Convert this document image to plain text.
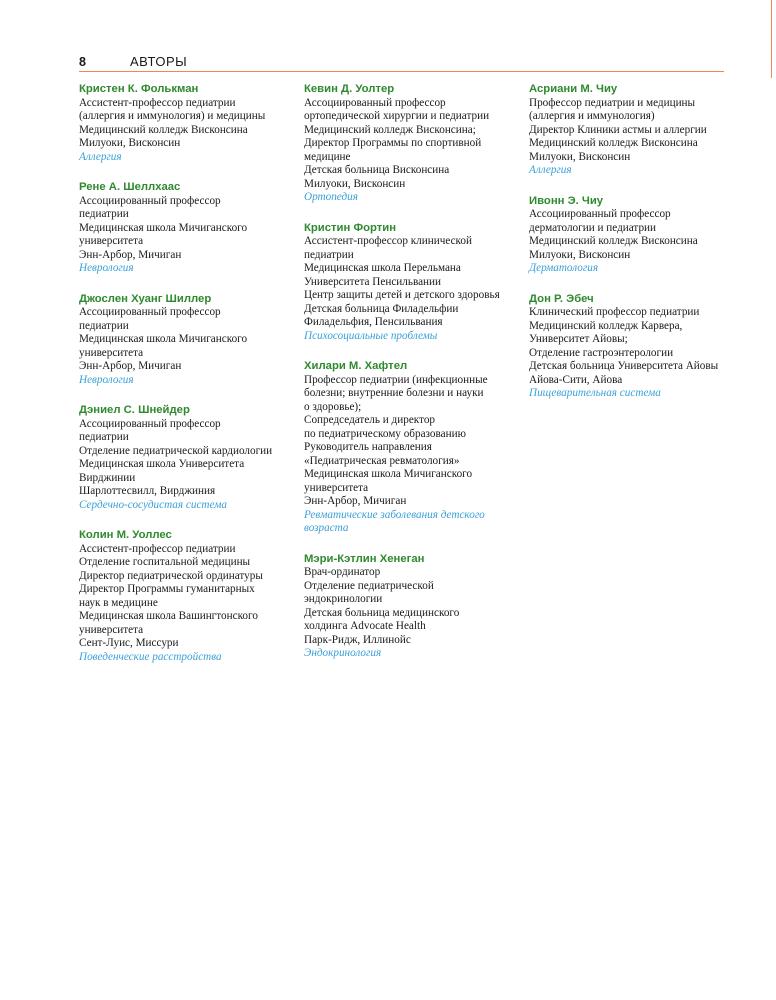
8	АВТОРЫ
Кристен К. Фолькман
Ассистент-профессор педиатрии
(аллергия и иммунология) и медицины
Медицинский колледж Висконсина
Милуоки, Висконсин
Аллергия
Рене А. Шеллхаас
Ассоциированный профессор
педиатрии
Медицинская школа Мичиганского
университета
Энн-Арбор, Мичиган
Неврология
Джослен Хуанг Шиллер
Ассоциированный профессор
педиатрии
Медицинская школа Мичиганского
университета
Энн-Арбор, Мичиган
Неврология
Дэниел С. Шнейдер
Ассоциированный профессор
педиатрии
Отделение педиатрической кардиологии
Медицинская школа Университета
Вирджинии
Шарлоттесвилл, Вирджиния
Сердечно-сосудистая система
Колин М. Уоллес
Ассистент-профессор педиатрии
Отделение госпитальной медицины
Директор педиатрической ординатуры
Директор Программы гуманитарных
наук в медицине
Медицинская школа Вашингтонского
университета
Сент-Луис, Миссури
Поведенческие расстройства
Кевин Д. Уолтер
Ассоциированный профессор
ортопедической хирургии и педиатрии
Медицинский колледж Висконсина;
Директор Программы по спортивной
медицине
Детская больница Висконсина
Милуоки, Висконсин
Ортопедия
Кристин Фортин
Ассистент-профессор клинической
педиатрии
Медицинская школа Перельмана
Университета Пенсильвании
Центр защиты детей и детского здоровья
Детская больница Филадельфии
Филадельфия, Пенсильвания
Психосоциальные проблемы
Хилари М. Хафтел
Профессор педиатрии (инфекционные
болезни; внутренние болезни и науки
о здоровье);
Сопредседатель и директор
по педиатрическому образованию
Руководитель направления
«Педиатрическая ревматология»
Медицинская школа Мичиганского
университета
Энн-Арбор, Мичиган
Ревматические заболевания детского
возраста
Мэри-Кэтлин Хенеган
Врач-ординатор
Отделение педиатрической
эндокринологии
Детская больница медицинского
холдинга Advocate Health
Парк-Ридж, Иллинойс
Эндокринология
Асриани М. Чиу
Профессор педиатрии и медицины
(аллергия и иммунология)
Директор Клиники астмы и аллергии
Медицинский колледж Висконсина
Милуоки, Висконсин
Аллергия
Ивонн Э. Чиу
Ассоциированный профессор
дерматологии и педиатрии
Медицинский колледж Висконсина
Милуоки, Висконсин
Дерматология
Дон Р. Эбеч
Клинический профессор педиатрии
Медицинский колледж Карвера,
Университет Айовы;
Отделение гастроэнтерологии
Детская больница Университета Айовы
Айова-Сити, Айова
Пищеварительная система
